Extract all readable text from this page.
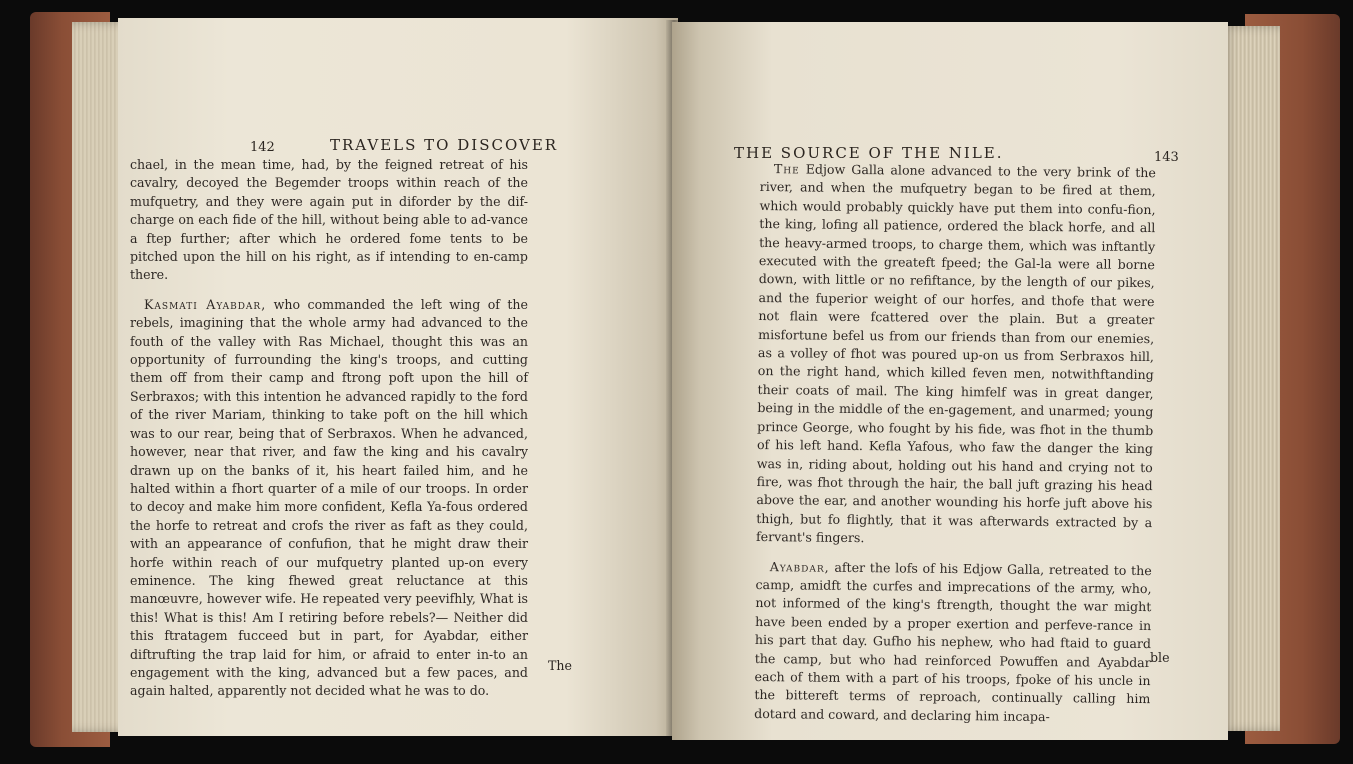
142	TRAVELS TO DISCOVER

chael, in the mean time, had, by the feigned retreat of his cavalry, decoyed the Begemder troops within reach of the mufquetry, and they were again put in diforder by the dif-charge on each fide of the hill, without being able to ad-vance a ftep further; after which he ordered fome tents to be pitched upon the hill on his right, as if intending to en-camp there.

Kasmati Ayabdar, who commanded the left wing of the rebels, imagining that the whole army had advanced to the fouth of the valley with Ras Michael, thought this was an opportunity of furrounding the king's troops, and cutting them off from their camp and ftrong poft upon the hill of Serbraxos; with this intention he advanced rapidly to the ford of the river Mariam, thinking to take poft on the hill which was to our rear, being that of Serbraxos. When he advanced, however, near that river, and faw the king and his cavalry drawn up on the banks of it, his heart failed him, and he halted within a fhort quarter of a mile of our troops. In order to decoy and make him more confident, Kefla Ya-fous ordered the horfe to retreat and crofs the river as faft as they could, with an appearance of confufion, that he might draw their horfe within reach of our mufquetry planted up-on every eminence. The king fhewed great reluctance at this manœuvre, however wife. He repeated very peevifhly, What is this! What is this! Am I retiring before rebels?— Neither did this ftratagem fucceed but in part, for Ayabdar, either diftrufting the trap laid for him, or afraid to enter in-to an engagement with the king, advanced but a few paces, and again halted, apparently not decided what he was to do.

The
THE SOURCE OF THE NILE.	143

The Edjow Galla alone advanced to the very brink of the river, and when the mufquetry began to be fired at them, which would probably quickly have put them into confu-fion, the king, lofing all patience, ordered the black horfe, and all the heavy-armed troops, to charge them, which was inftantly executed with the greateft fpeed; the Gal-la were all borne down, with little or no refiftance, by the length of our pikes, and the fuperior weight of our horfes, and thofe that were not flain were fcattered over the plain. But a greater misfortune befel us from our friends than from our enemies, as a volley of fhot was poured up-on us from Serbraxos hill, on the right hand, which killed feven men, notwithftanding their coats of mail. The king himfelf was in great danger, being in the middle of the en-gagement, and unarmed; young prince George, who fought by his fide, was fhot in the thumb of his left hand. Kefla Yafous, who faw the danger the king was in, riding about, holding out his hand and crying not to fire, was fhot through the hair, the ball juft grazing his head above the ear, and another wounding his horfe juft above his thigh, but fo flightly, that it was afterwards extracted by a fervant's fingers.

Ayabdar, after the lofs of his Edjow Galla, retreated to the camp, amidft the curfes and imprecations of the army, who, not informed of the king's ftrength, thought the war might have been ended by a proper exertion and perfeve-rance in his part that day. Gufho his nephew, who had ftaid to guard the camp, but who had reinforced Powuffen and Ayabdar each of them with a part of his troops, fpoke of his uncle in the bittereft terms of reproach, continually calling him dotard and coward, and declaring him incapa-

ble
